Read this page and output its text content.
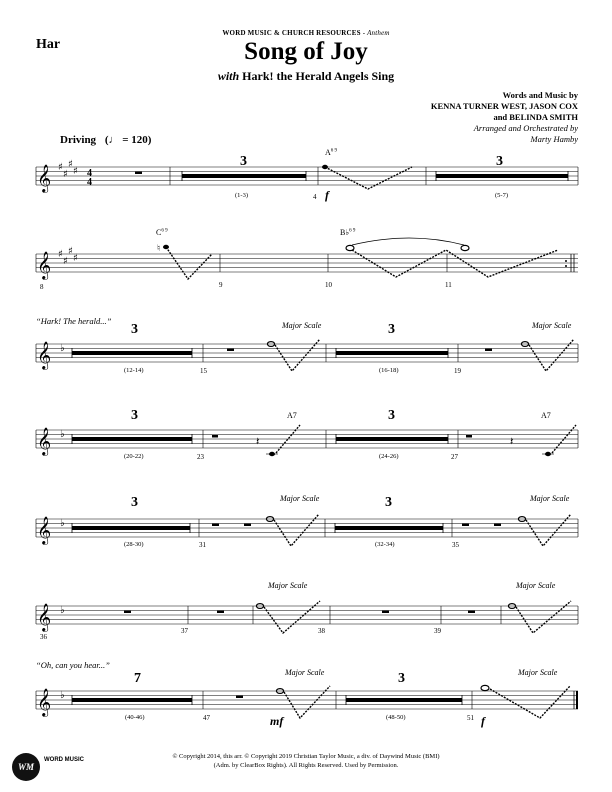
WORD MUSIC & CHURCH RESOURCES - Anthem
Har	Song of Joy
with Hark! the Herald Angels Sing
Words and Music by
KENNA TURNER WEST, JASON COX
and BELINDA SMITH
Arranged and Orchestrated by
Marty Hamby
Driving (♩ = 120)
𝄞 ♯
♯
♯
♯ 4
4
3
(1-3)	4
$A^{6 9}$
f
3
(5-7)
𝄞 ♯
♯
♯
♯
♮
$C^{6 9}$	B♭$^{6 9}$
8	9	10	11
“Hark! The herald...”
𝄞 ♭
3
(12-14)	15
Major Scale	3
(16-18)	19
Major Scale
𝄞 ♭
𝄽	𝄽
3
(20-22)	23
A7	3
(24-26)	27
A7
𝄞 ♭
3
(28-30)	31
Major Scale	3
(32-34)	35
Major Scale
𝄞 ♭
36
37
Major Scale
38	39
Major Scale
“Oh, can you hear...”
𝄞 ♭
7
(40-46)	47
Major Scale
mf
3
(48-50)	51 f
Major Scale
WM
WORD MUSIC	© Copyright 2014, this arr. © Copyright 2019 Christian Taylor Music, a div. of Daywind Music (BMI)
(Adm. by ClearBox Rights). All Rights Reserved. Used by Permission.
